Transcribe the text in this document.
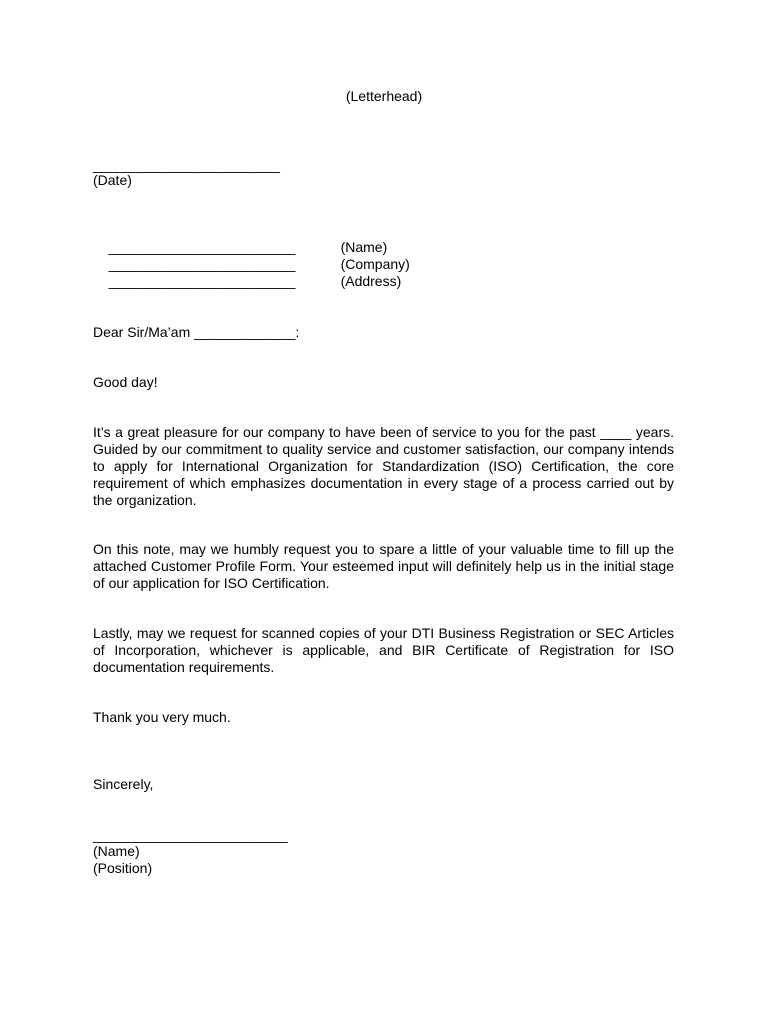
(Letterhead)
________________________
(Date)

________________________	(Name)

________________________	(Company)

________________________	(Address)

Dear Sir/Ma’am _____________:
Good day!

It’s a great pleasure for our company to have been of service to you for the past ____ years. Guided by our commitment to quality service and customer satisfaction, our company intends to apply for International Organization for Standardization (ISO) Certification, the core requirement of which emphasizes documentation in every stage of a process carried out by the organization.

On this note, may we humbly request you to spare a little of your valuable time to fill up the attached Customer Profile Form. Your esteemed input will definitely help us in the initial stage of our application for ISO Certification.

Lastly, may we request for scanned copies of your DTI Business Registration or SEC Articles of Incorporation, whichever is applicable, and BIR Certificate of Registration for ISO documentation requirements.

Thank you very much.
Sincerely,
_________________________
(Name)
(Position)
